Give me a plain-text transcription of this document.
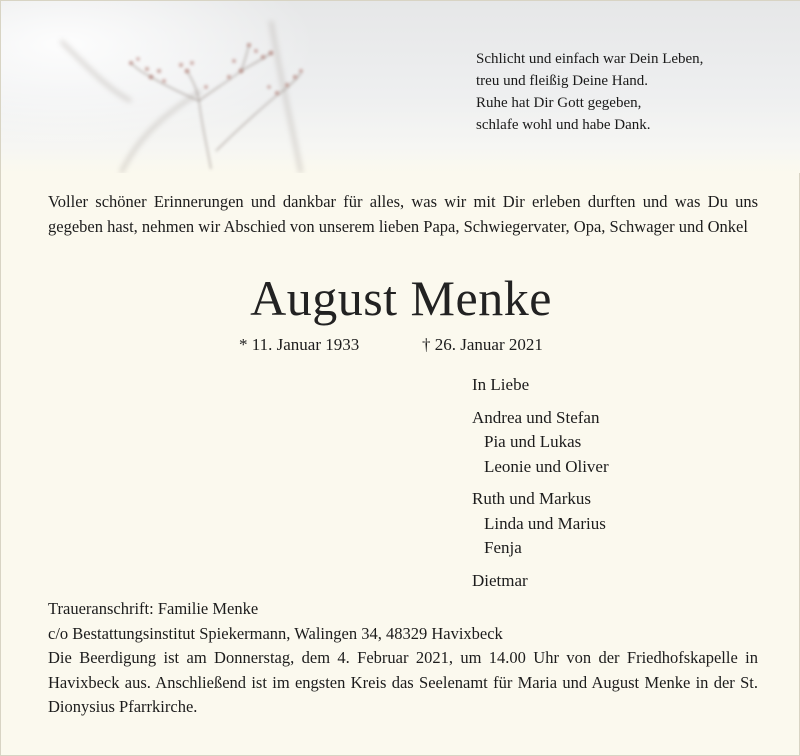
Schlicht und einfach war Dein Leben,
treu und fleißig Deine Hand.
Ruhe hat Dir Gott gegeben,
schlafe wohl und habe Dank.
Voller schöner Erinnerungen und dankbar für alles, was wir mit Dir erleben durften und was Du uns gegeben hast, nehmen wir Abschied von unserem lieben Papa, Schwiegervater, Opa, Schwager und Onkel
August Menke
* 11. Januar 1933	† 26. Januar 2021
In Liebe
Andrea und Stefan
Pia und Lukas
Leonie und Oliver
Ruth und Markus
Linda und Marius
Fenja
Dietmar
Traueranschrift: Familie Menke
c/o Bestattungsinstitut Spiekermann, Walingen 34, 48329 Havixbeck
Die Beerdigung ist am Donnerstag, dem 4. Februar 2021, um 14.00 Uhr von der Friedhofskapelle in Havixbeck aus. Anschließend ist im engsten Kreis das Seelenamt für Maria und August Menke in der St. Dionysius Pfarrkirche.
